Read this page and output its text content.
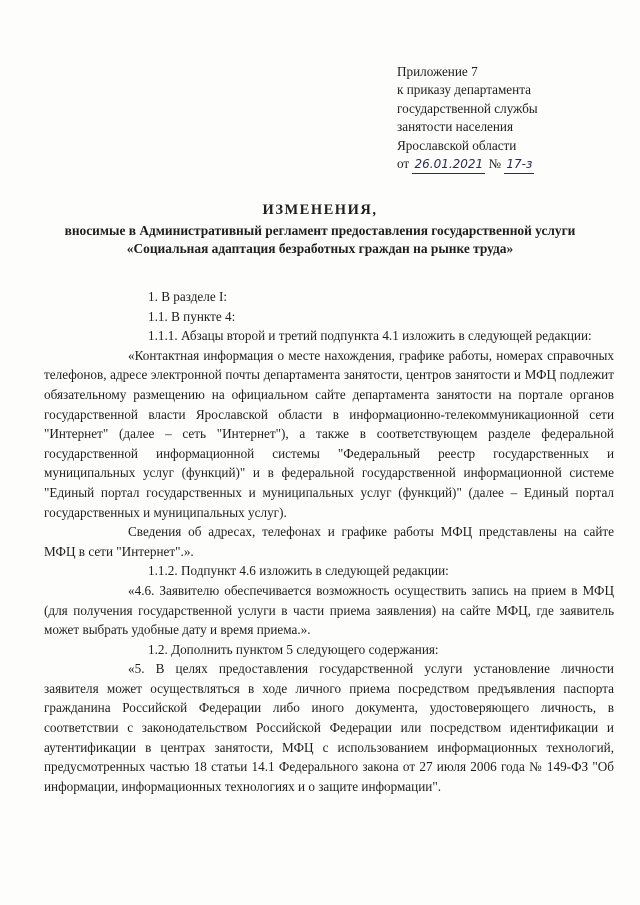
Приложение 7
к приказу департамента
государственной службы
занятости населения
Ярославской области
от 26.01.2021 № 17-з
ИЗМЕНЕНИЯ,
вносимые в Административный регламент предоставления государственной услуги «Социальная адаптация безработных граждан на рынке труда»

1. В разделе I:

1.1. В пункте 4:

1.1.1. Абзацы второй и третий подпункта 4.1 изложить в следующей редакции:

«Контактная информация о месте нахождения, графике работы, номерах справочных телефонов, адресе электронной почты департамента занятости, центров занятости и МФЦ подлежит обязательному размещению на официальном сайте департамента занятости на портале органов государственной власти Ярославской области в информационно-телекоммуникационной сети "Интернет" (далее – сеть "Интернет"), а также в соответствующем разделе федеральной государственной информационной системы "Федеральный реестр государственных и муниципальных услуг (функций)" и в федеральной государственной информационной системе "Единый портал государственных и муниципальных услуг (функций)" (далее – Единый портал государственных и муниципальных услуг).

Сведения об адресах, телефонах и графике работы МФЦ представлены на сайте МФЦ в сети "Интернет".».

1.1.2. Подпункт 4.6 изложить в следующей редакции:

«4.6. Заявителю обеспечивается возможность осуществить запись на прием в МФЦ (для получения государственной услуги в части приема заявления) на сайте МФЦ, где заявитель может выбрать удобные дату и время приема.».

1.2. Дополнить пунктом 5 следующего содержания:

«5. В целях предоставления государственной услуги установление личности заявителя может осуществляться в ходе личного приема посредством предъявления паспорта гражданина Российской Федерации либо иного документа, удостоверяющего личность, в соответствии с законодательством Российской Федерации или посредством идентификации и аутентификации в центрах занятости, МФЦ с использованием информационных технологий, предусмотренных частью 18 статьи 14.1 Федерального закона от 27 июля 2006 года № 149-ФЗ "Об информации, информационных технологиях и о защите информации".
